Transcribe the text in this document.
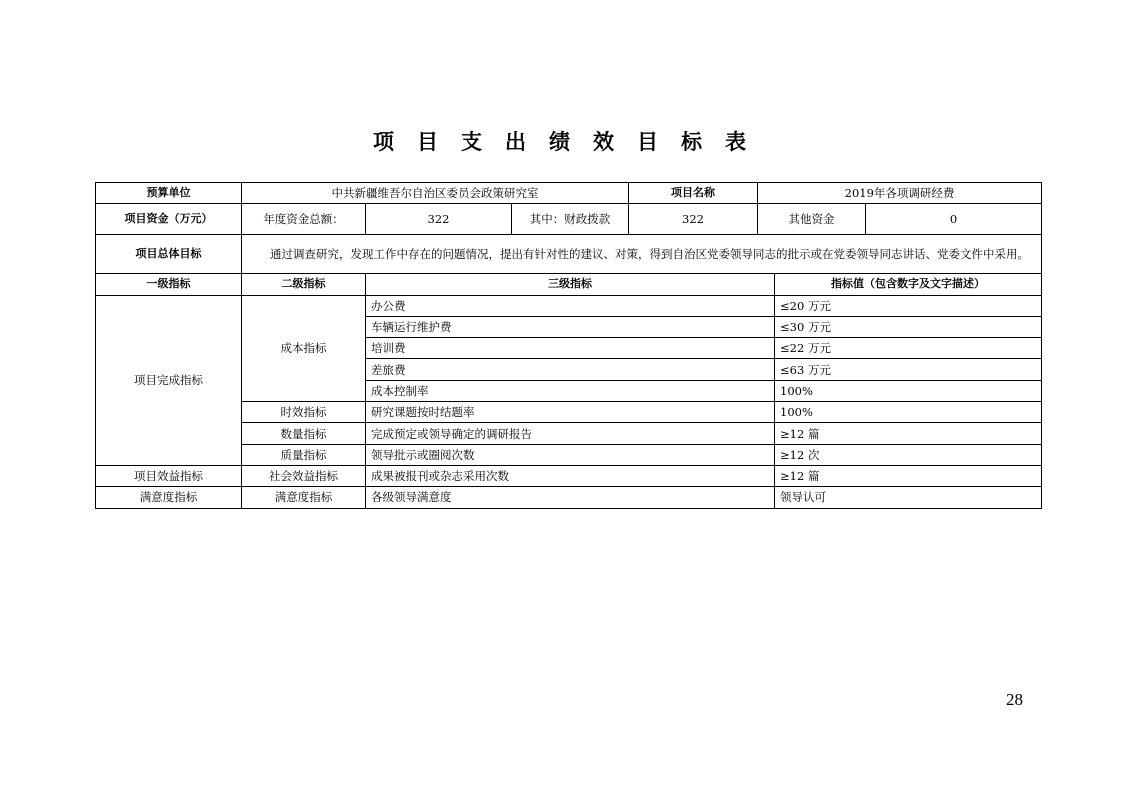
项目支出绩效目标表
预算单位	中共新疆维吾尔自治区委员会政策研究室			项目名称	2019年各项调研经费		
项目资金（万元）	年度资金总额：	322	其中：财政拨款	322	其他资金		0
项目总体目标	通过调查研究，发现工作中存在的问题情况，提出有针对性的建议、对策，得到自治区党委领导同志的批示或在党委领导同志讲话、党委文件中采用。						
一级指标	二级指标	三级指标				指标值（包含数字及文字描述）	
项目完成指标	成本指标	办公费				≤20 万元	
		车辆运行维护费				≤30 万元	
		培训费				≤22 万元	
		差旅费				≤63 万元	
		成本控制率				100%	
	时效指标	研究课题按时结题率				100%	
	数量指标	完成预定或领导确定的调研报告				≥12 篇	
	质量指标	领导批示或圈阅次数				≥12 次	
项目效益指标	社会效益指标	成果被报刊或杂志采用次数				≥12 篇	
满意度指标	满意度指标	各级领导满意度				领导认可	
28
